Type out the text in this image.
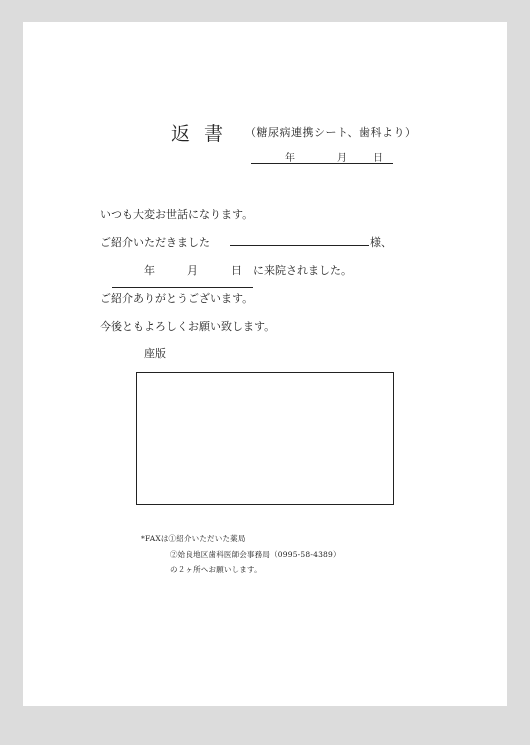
返書 （糖尿病連携シート、歯科より）
年	月	日
いつも大変お世話になります。
ご紹介いただきました	様、
年	月	日 に来院されました。
ご紹介ありがとうございます。
今後ともよろしくお願い致します。
座版
*FAXは①紹介いただいた薬局
②姶良地区歯科医師会事務局（0995-58-4389）
の２ヶ所へお願いします。
